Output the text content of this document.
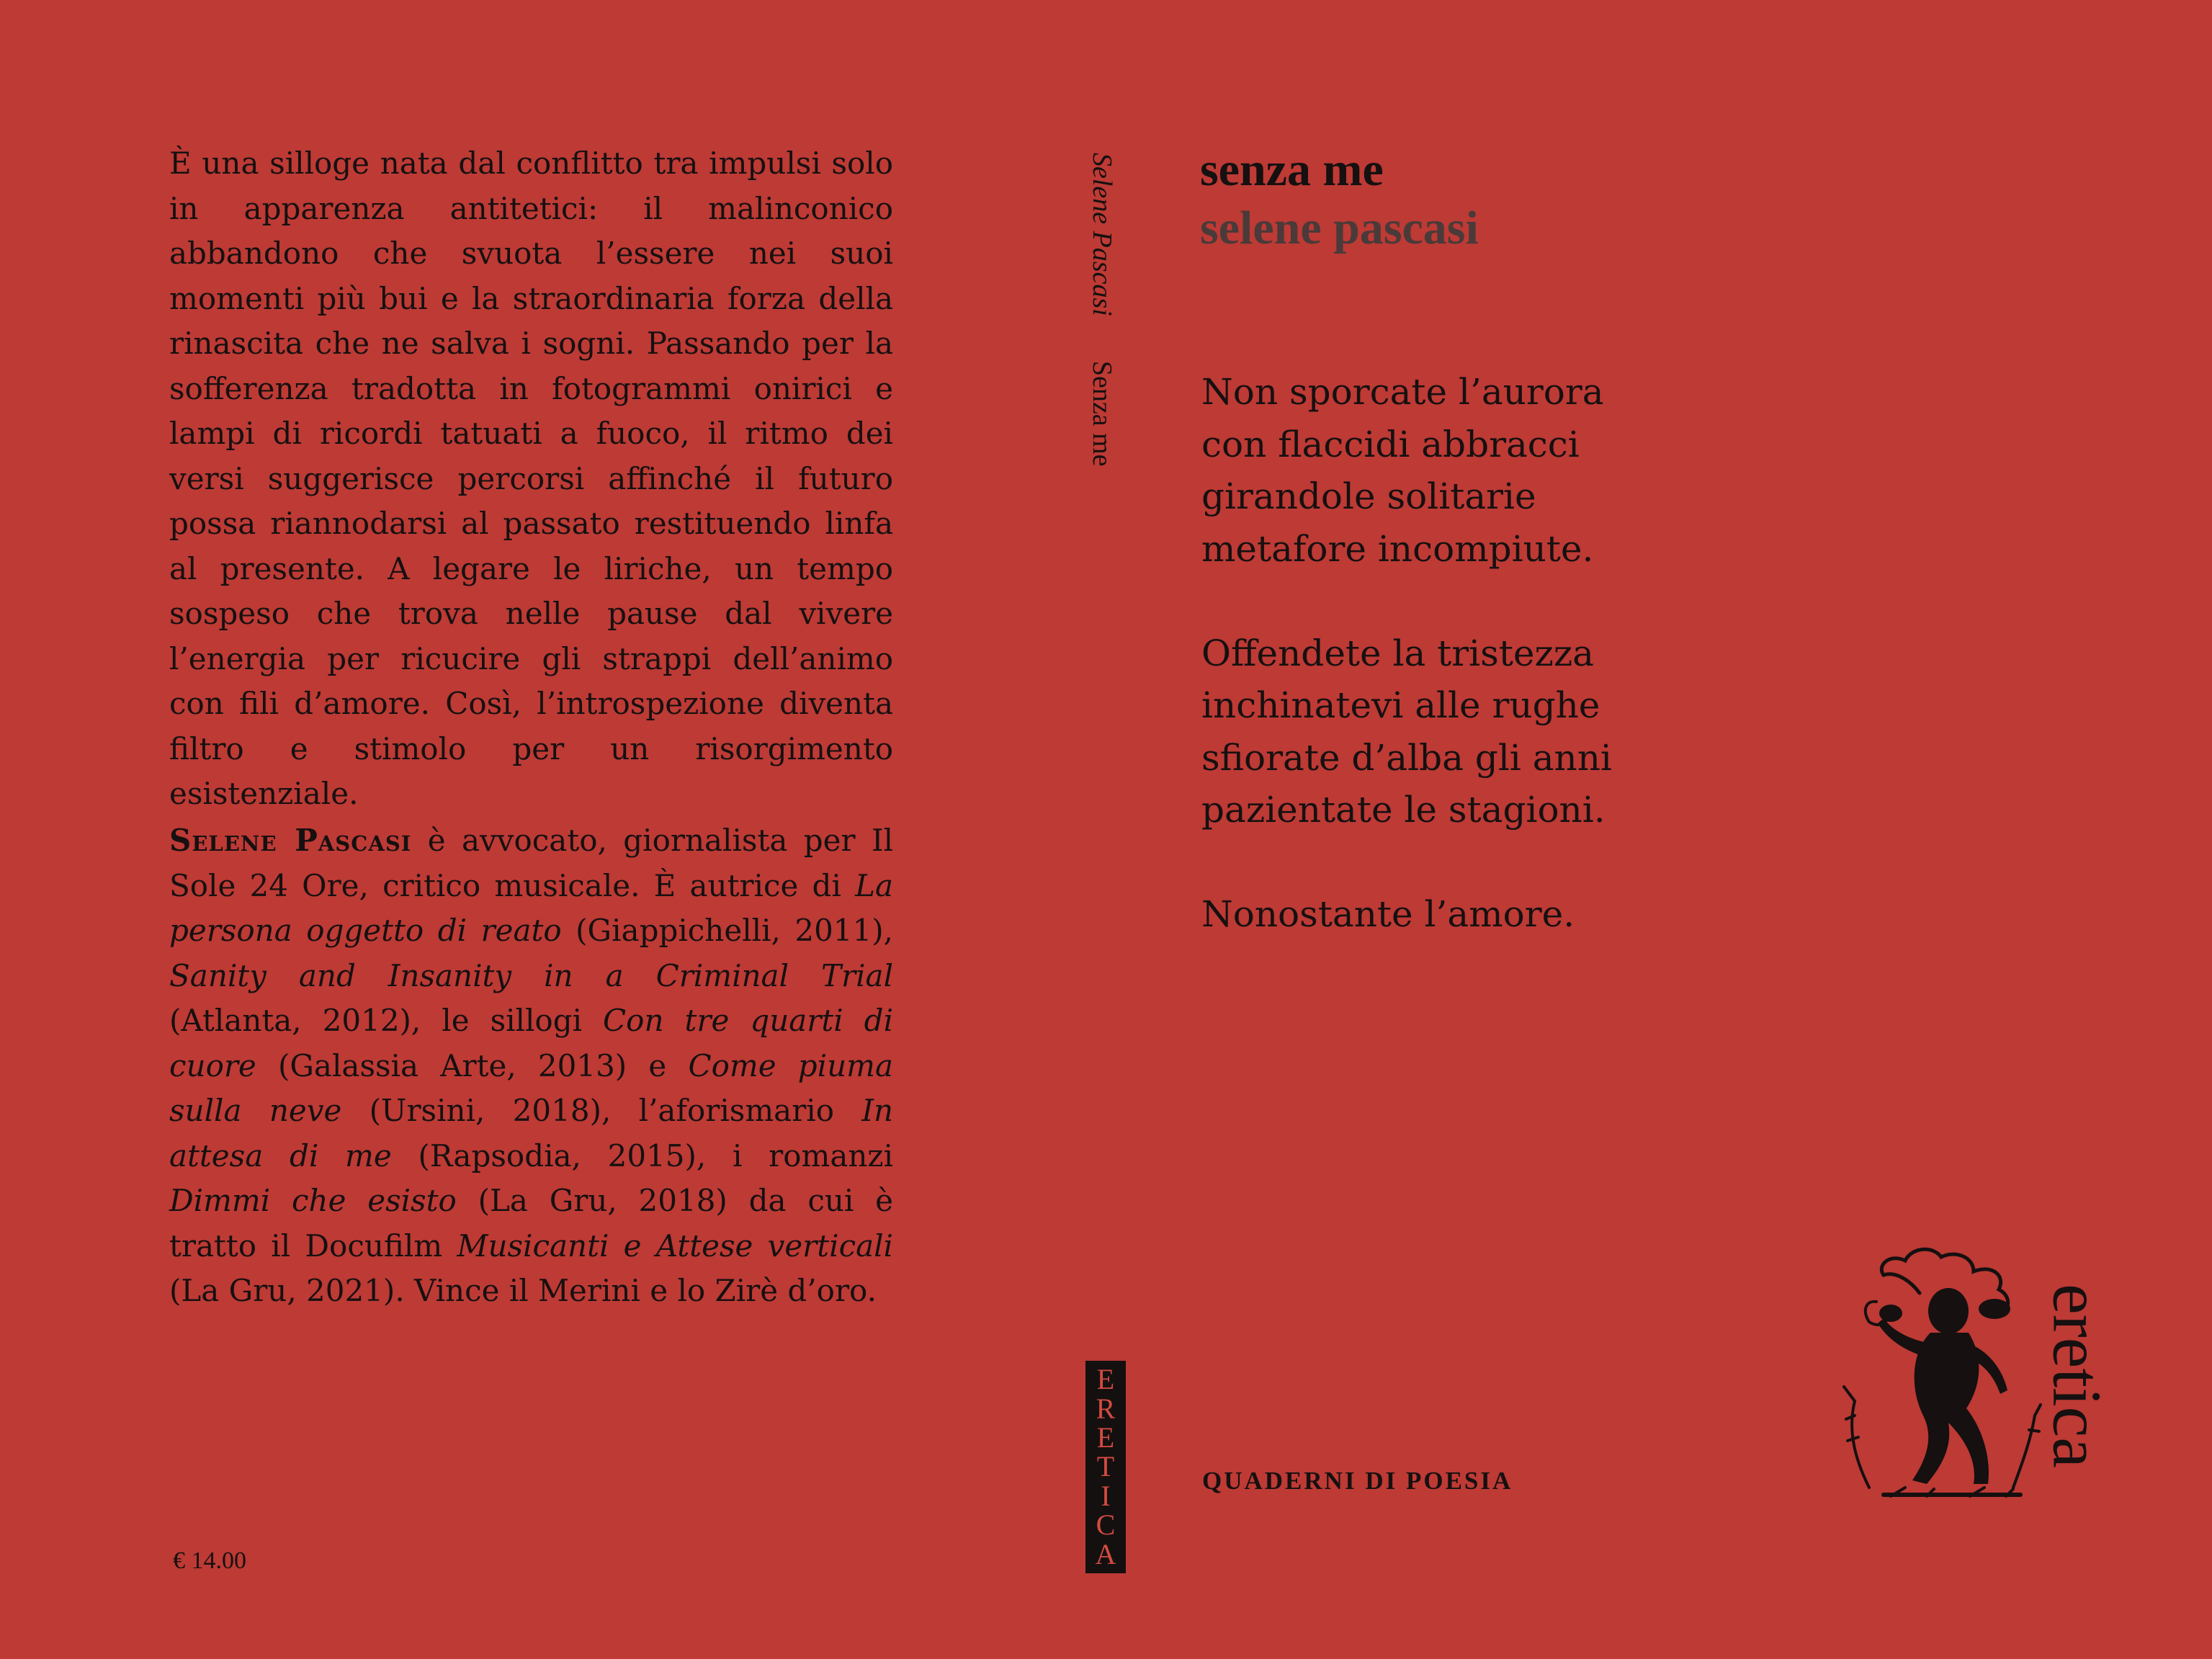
È una silloge nata dal conflitto tra impulsi solo in apparenza antitetici: il malinconico abbandono che svuota l’essere nei suoi momenti più bui e la straordinaria forza della rinascita che ne salva i sogni. Passando per la sofferenza tradotta in fotogrammi onirici e lampi di ricordi tatuati a fuoco, il ritmo dei versi suggerisce percorsi affinché il futuro possa riannodarsi al passato restituendo linfa al presente. A legare le liriche, un tempo sospeso che trova nelle pause dal vivere l’energia per ricucire gli strappi dell’animo con fili d’amore. Così, l’introspezione diventa filtro e stimolo per un risorgimento esistenziale.

Selene Pascasi è avvocato, giornalista per Il Sole 24 Ore, critico musicale. È autrice di La persona oggetto di reato (Giappichelli, 2011), Sanity and Insanity in a Criminal Trial (Atlanta, 2012), le sillogi Con tre quarti di cuore (Galassia Arte, 2013) e Come piuma sulla neve (Ursini, 2018), l’aforismario In attesa di me (Rapsodia, 2015), i romanzi Dimmi che esisto (La Gru, 2018) da cui è tratto il Docufilm Musicanti e Attese verticali (La Gru, 2021). Vince il Merini e lo Zirè d’oro.

€ 14.00
Selene PascasiSenza me
E
R
E
T
I
C
A
senza me
selene pascasi

Non sporcate l’aurora

con flaccidi abbracci

girandole solitarie

metafore incompiute.

Offendete la tristezza

inchinatevi alle rughe

sfiorate d’alba gli anni

pazientate le stagioni.

Nonostante l’amore.

QUADERNI DI POESIA
eretica
